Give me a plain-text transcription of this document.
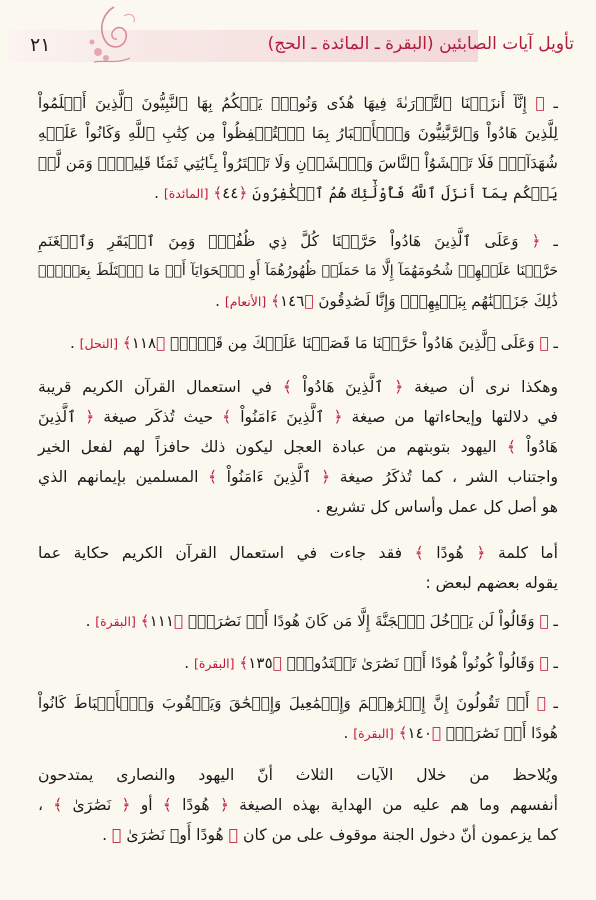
تأويل آيات الصابئين (البقرة ـ المائدة ـ الحج)
٢١
ـ ﴿ إِنَّآ أَنزَلۡنَا ٱلتَّوۡرَىٰةَ فِيهَا هُدٗى وَنُورٞۚ يَحۡكُمُ بِهَا ٱلنَّبِيُّونَ ٱلَّذِينَ أَسۡلَمُواْ
لِلَّذِينَ هَادُواْ وَٱلرَّبَّٰنِيُّونَ وَٱلۡأَحۡبَارُ بِمَا ٱسۡتُحۡفِظُواْ مِن كِتَٰبِ ٱللَّهِ وَكَانُواْ عَلَيۡهِ
شُهَدَآءَۚ فَلَا تَخۡشَوُاْ ٱلنَّاسَ وَٱخۡشَوۡنِ وَلَا تَشۡتَرُواْ بِـَٔايَٰتِي ثَمَنٗا قَلِيلٗاۚ وَمَن لَّمۡ
يَحۡكُم بِمَآ أَنزَلَ ٱللَّهُ فَأُوْلَٰٓئِكَ هُمُ ٱلۡكَٰفِرُونَ ﴿٤٤﴾ [المائدة] .
ـ ﴿ وَعَلَى ٱلَّذِينَ هَادُواْ حَرَّمۡنَا كُلَّ ذِي ظُفُرٖۖ وَمِنَ ٱلۡبَقَرِ وَٱلۡغَنَمِ
حَرَّمۡنَا عَلَيۡهِمۡ شُحُومَهُمَآ إِلَّا مَا حَمَلَتۡ ظُهُورُهُمَآ أَوِ ٱلۡحَوَايَآ أَوۡ مَا ٱخۡتَلَطَ بِعَظۡمٖۚ
ذَٰلِكَ جَزَيۡنَٰهُم بِبَغۡيِهِمۡۖ وَإِنَّا لَصَٰدِقُونَ ﴿١٤٦﴾ [الأنعام] .
ـ ﴿ وَعَلَى ٱلَّذِينَ هَادُواْ حَرَّمۡنَا مَا قَصَصۡنَا عَلَيۡكَ مِن قَبۡلُۖ ﴿١١٨﴾ [النحل] .
وهكذا نرى أن صيغة ﴿ ٱلَّذِينَ هَادُواْ ﴾ في استعمال القرآن الكريم قريبة
في دلالتها وإيحاءاتها من صيغة ﴿ ٱلَّذِينَ ءَامَنُواْ ﴾ حيث تُذكَر صيغة ﴿ ٱلَّذِينَ
هَادُواْ ﴾ اليهود بتوبتهم من عبادة العجل ليكون ذلك حافزاً لهم لفعل الخير
واجتناب الشر ، كما تُذكَرُ صيغة ﴿ ٱلَّذِينَ ءَامَنُواْ ﴾ المسلمين بإيمانهم الذي
هو أصل كل عمل وأساس كل تشريع .
أما كلمة ﴿ هُودًا ﴾ فقد جاءت في استعمال القرآن الكريم حكاية عما
يقوله بعضهم لبعض :
ـ ﴿ وَقَالُواْ لَن يَدۡخُلَ ٱلۡجَنَّةَ إِلَّا مَن كَانَ هُودًا أَوۡ نَصَٰرَىٰۗ ﴿١١١﴾ [البقرة] .
ـ ﴿ وَقَالُواْ كُونُواْ هُودًا أَوۡ نَصَٰرَىٰ تَهۡتَدُواْۗ ﴿١٣٥﴾ [البقرة] .
ـ ﴿ أَمۡ تَقُولُونَ إِنَّ إِبۡرَٰهِـۧمَ وَإِسۡمَٰعِيلَ وَإِسۡحَٰقَ وَيَعۡقُوبَ وَٱلۡأَسۡبَاطَ كَانُواْ
هُودًا أَوۡ نَصَٰرَىٰۗ ﴿١٤٠﴾ [البقرة] .
ويُلاحظ من خلال الآيات الثلاث أنّ اليهود والنصارى يمتدحون
أنفسهم وما هم عليه من الهداية بهذه الصيغة ﴿ هُودًا ﴾ أو ﴿ نَصَٰرَىٰ ﴾ ،
كما يزعمون أنّ دخول الجنة موقوف على من كان ﴿ هُودًا أَوۡ نَصَٰرَىٰ ﴾ .
